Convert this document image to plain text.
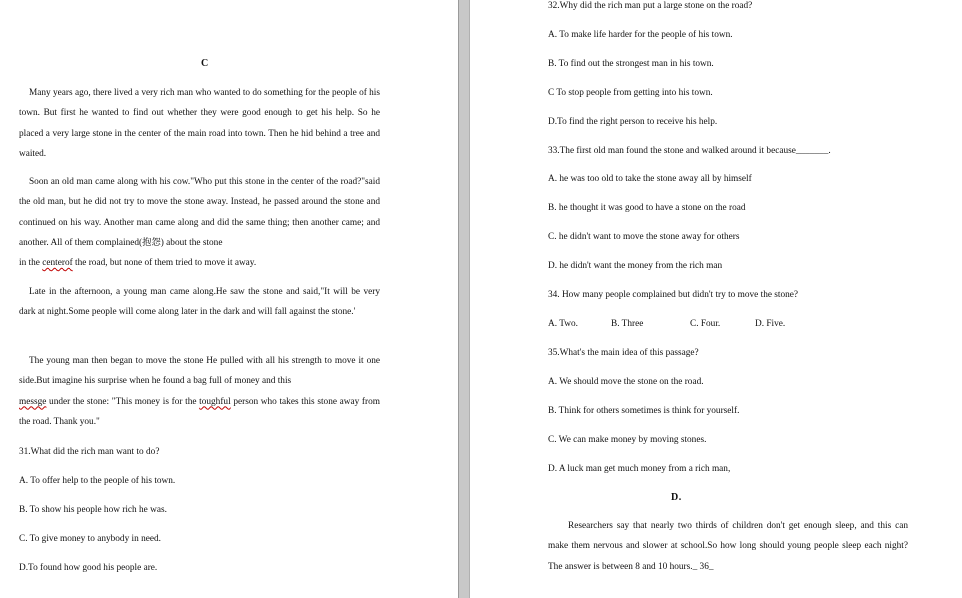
C

Many years ago, there lived a very rich man who wanted to do something for the people of his town. But first he wanted to find out whether they were good enough to get his help. So he placed a very large stone in the center of the main road into town. Then he hid behind a tree and waited.

Soon an old man came along with his cow."Who put this stone in the center of the road?"said the old man, but he did not try to move the stone away. Instead, he passed around the stone and continued on his way. Another man came along and did the same thing; then another came; and another. All of them complained(抱怨) about the stone

in the centerof the road, but none of them tried to move it away.

Late in the afternoon, a young man came along.He saw the stone and said,"It will be very dark at night.Some people will come along later in the dark and will fall against the stone.'

The young man then began to move the stone He pulled with all his strength to move it one side.But imagine his surprise when he found a bag full of money and this

messge under the stone: "This money is for the toughful person who takes this stone away from the road. Thank you."

31.What did the rich man want to do?

A. To offer help to the people of his town.

B. To show his people how rich he was.

C. To give money to anybody in need.

D.To found how good his people are.

32.Why did the rich man put a large stone on the road?

A. To make life harder for the people of his town.

B. To find out the strongest man in his town.

C To stop people from getting into his town.

D.To find the right person to receive his help.

33.The first old man found the stone and walked around it because_______.

A. he was too old to take the stone away all by himself

B. he thought it was good to have a stone on the road

C. he didn't want to move the stone away for others

D. he didn't want the money from the rich man

34. How many people complained but didn't try to move the stone?

A. Two.	B. Three	C. Four.	D. Five.

35.What's the main idea of this passage?

A. We should move the stone on the road.

B. Think for others sometimes is think for yourself.

C. We can make money by moving stones.

D. A luck man get much money from a rich man,

D.

Researchers say that nearly two thirds of children don't get enough sleep, and this can make them nervous and slower at school.So how long should young people sleep each night? The answer is between 8 and 10 hours._ 36_
